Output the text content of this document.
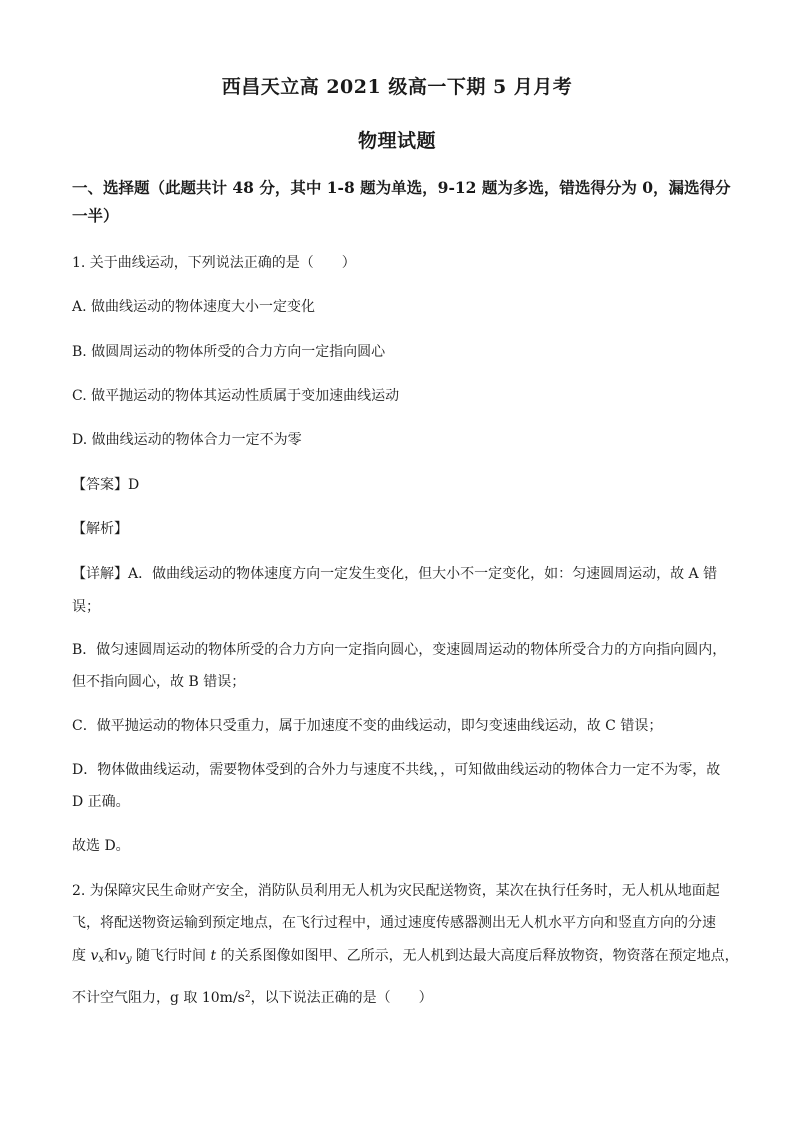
西昌天立高 2021 级高一下期 5 月月考
物理试题
一、选择题（此题共计 48 分，其中 1-8 题为单选，9-12 题为多选，错选得分为 0，漏选得分
一半）
1. 关于曲线运动，下列说法正确的是（　　）
A. 做曲线运动的物体速度大小一定变化
B. 做圆周运动的物体所受的合力方向一定指向圆心
C. 做平抛运动的物体其运动性质属于变加速曲线运动
D. 做曲线运动的物体合力一定不为零
【答案】D
【解析】
【详解】A．做曲线运动的物体速度方向一定发生变化，但大小不一定变化，如：匀速圆周运动，故 A 错
误；
B．做匀速圆周运动的物体所受的合力方向一定指向圆心，变速圆周运动的物体所受合力的方向指向圆内，
但不指向圆心，故 B 错误；
C．做平抛运动的物体只受重力，属于加速度不变的曲线运动，即匀变速曲线运动，故 C 错误；
D．物体做曲线运动，需要物体受到的合外力与速度不共线，，可知做曲线运动的物体合力一定不为零，故
D 正确。
故选 D。
2. 为保障灾民生命财产安全，消防队员利用无人机为灾民配送物资，某次在执行任务时，无人机从地面起
飞，将配送物资运输到预定地点，在飞行过程中，通过速度传感器测出无人机水平方向和竖直方向的分速
度 vx和vy 随飞行时间 t 的关系图像如图甲、乙所示，无人机到达最大高度后释放物资，物资落在预定地点，
不计空气阻力，g 取 $10m/s^2$，以下说法正确的是（　　）
